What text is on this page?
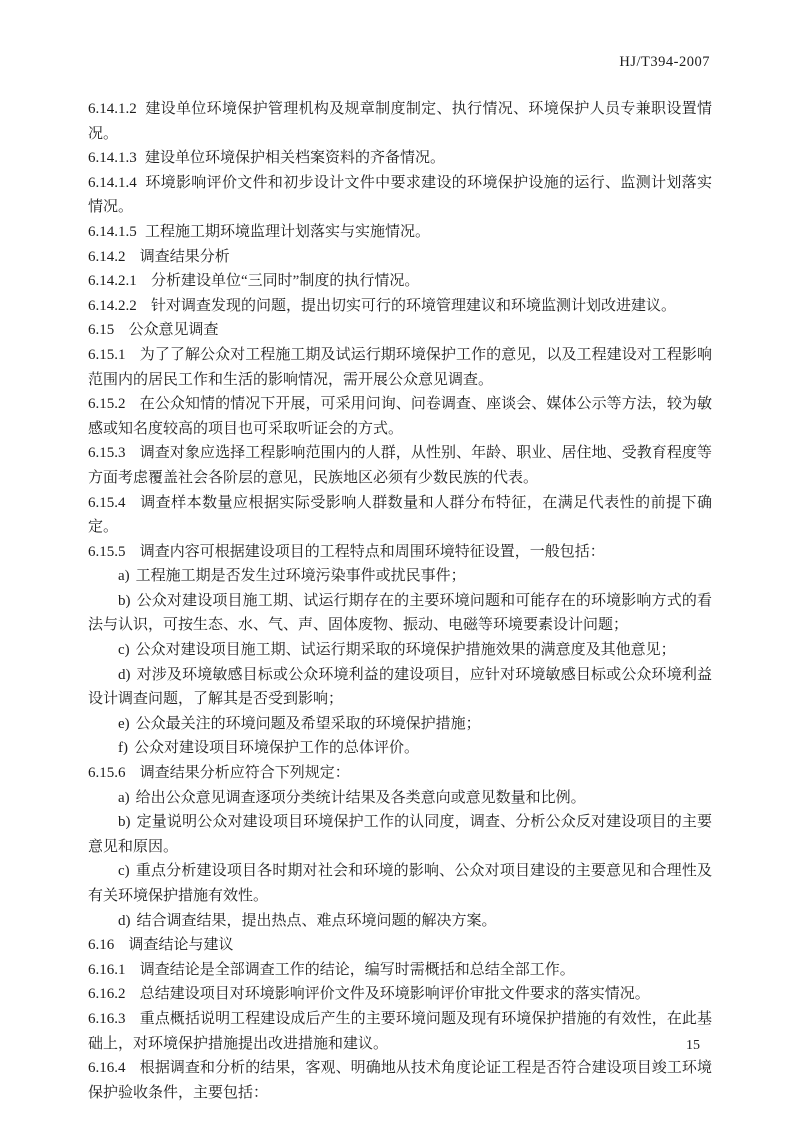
HJ/T394-2007

6.14.1.2 建设单位环境保护管理机构及规章制度制定、执行情况、环境保护人员专兼职设置情况。

6.14.1.3 建设单位环境保护相关档案资料的齐备情况。

6.14.1.4 环境影响评价文件和初步设计文件中要求建设的环境保护设施的运行、监测计划落实情况。

6.14.1.5 工程施工期环境监理计划落实与实施情况。

6.14.2 调查结果分析

6.14.2.1 分析建设单位“三同时”制度的执行情况。

6.14.2.2 针对调查发现的问题，提出切实可行的环境管理建议和环境监测计划改进建议。

6.15 公众意见调查

6.15.1 为了了解公众对工程施工期及试运行期环境保护工作的意见，以及工程建设对工程影响范围内的居民工作和生活的影响情况，需开展公众意见调查。

6.15.2 在公众知情的情况下开展，可采用问询、问卷调查、座谈会、媒体公示等方法，较为敏感或知名度较高的项目也可采取听证会的方式。

6.15.3 调查对象应选择工程影响范围内的人群，从性别、年龄、职业、居住地、受教育程度等方面考虑覆盖社会各阶层的意见，民族地区必须有少数民族的代表。

6.15.4 调查样本数量应根据实际受影响人群数量和人群分布特征，在满足代表性的前提下确定。

6.15.5 调查内容可根据建设项目的工程特点和周围环境特征设置，一般包括：

a) 工程施工期是否发生过环境污染事件或扰民事件；

b) 公众对建设项目施工期、试运行期存在的主要环境问题和可能存在的环境影响方式的看法与认识，可按生态、水、气、声、固体废物、振动、电磁等环境要素设计问题；

c) 公众对建设项目施工期、试运行期采取的环境保护措施效果的满意度及其他意见；

d) 对涉及环境敏感目标或公众环境利益的建设项目，应针对环境敏感目标或公众环境利益设计调查问题，了解其是否受到影响；

e) 公众最关注的环境问题及希望采取的环境保护措施；

f) 公众对建设项目环境保护工作的总体评价。

6.15.6 调查结果分析应符合下列规定：

a) 给出公众意见调查逐项分类统计结果及各类意向或意见数量和比例。

b) 定量说明公众对建设项目环境保护工作的认同度，调查、分析公众反对建设项目的主要意见和原因。

c) 重点分析建设项目各时期对社会和环境的影响、公众对项目建设的主要意见和合理性及有关环境保护措施有效性。

d) 结合调查结果，提出热点、难点环境问题的解决方案。

6.16 调查结论与建议

6.16.1 调查结论是全部调查工作的结论，编写时需概括和总结全部工作。

6.16.2 总结建设项目对环境影响评价文件及环境影响评价审批文件要求的落实情况。

6.16.3 重点概括说明工程建设成后产生的主要环境问题及现有环境保护措施的有效性，在此基础上，对环境保护措施提出改进措施和建议。

6.16.4 根据调查和分析的结果，客观、明确地从技术角度论证工程是否符合建设项目竣工环境保护验收条件，主要包括：

15
